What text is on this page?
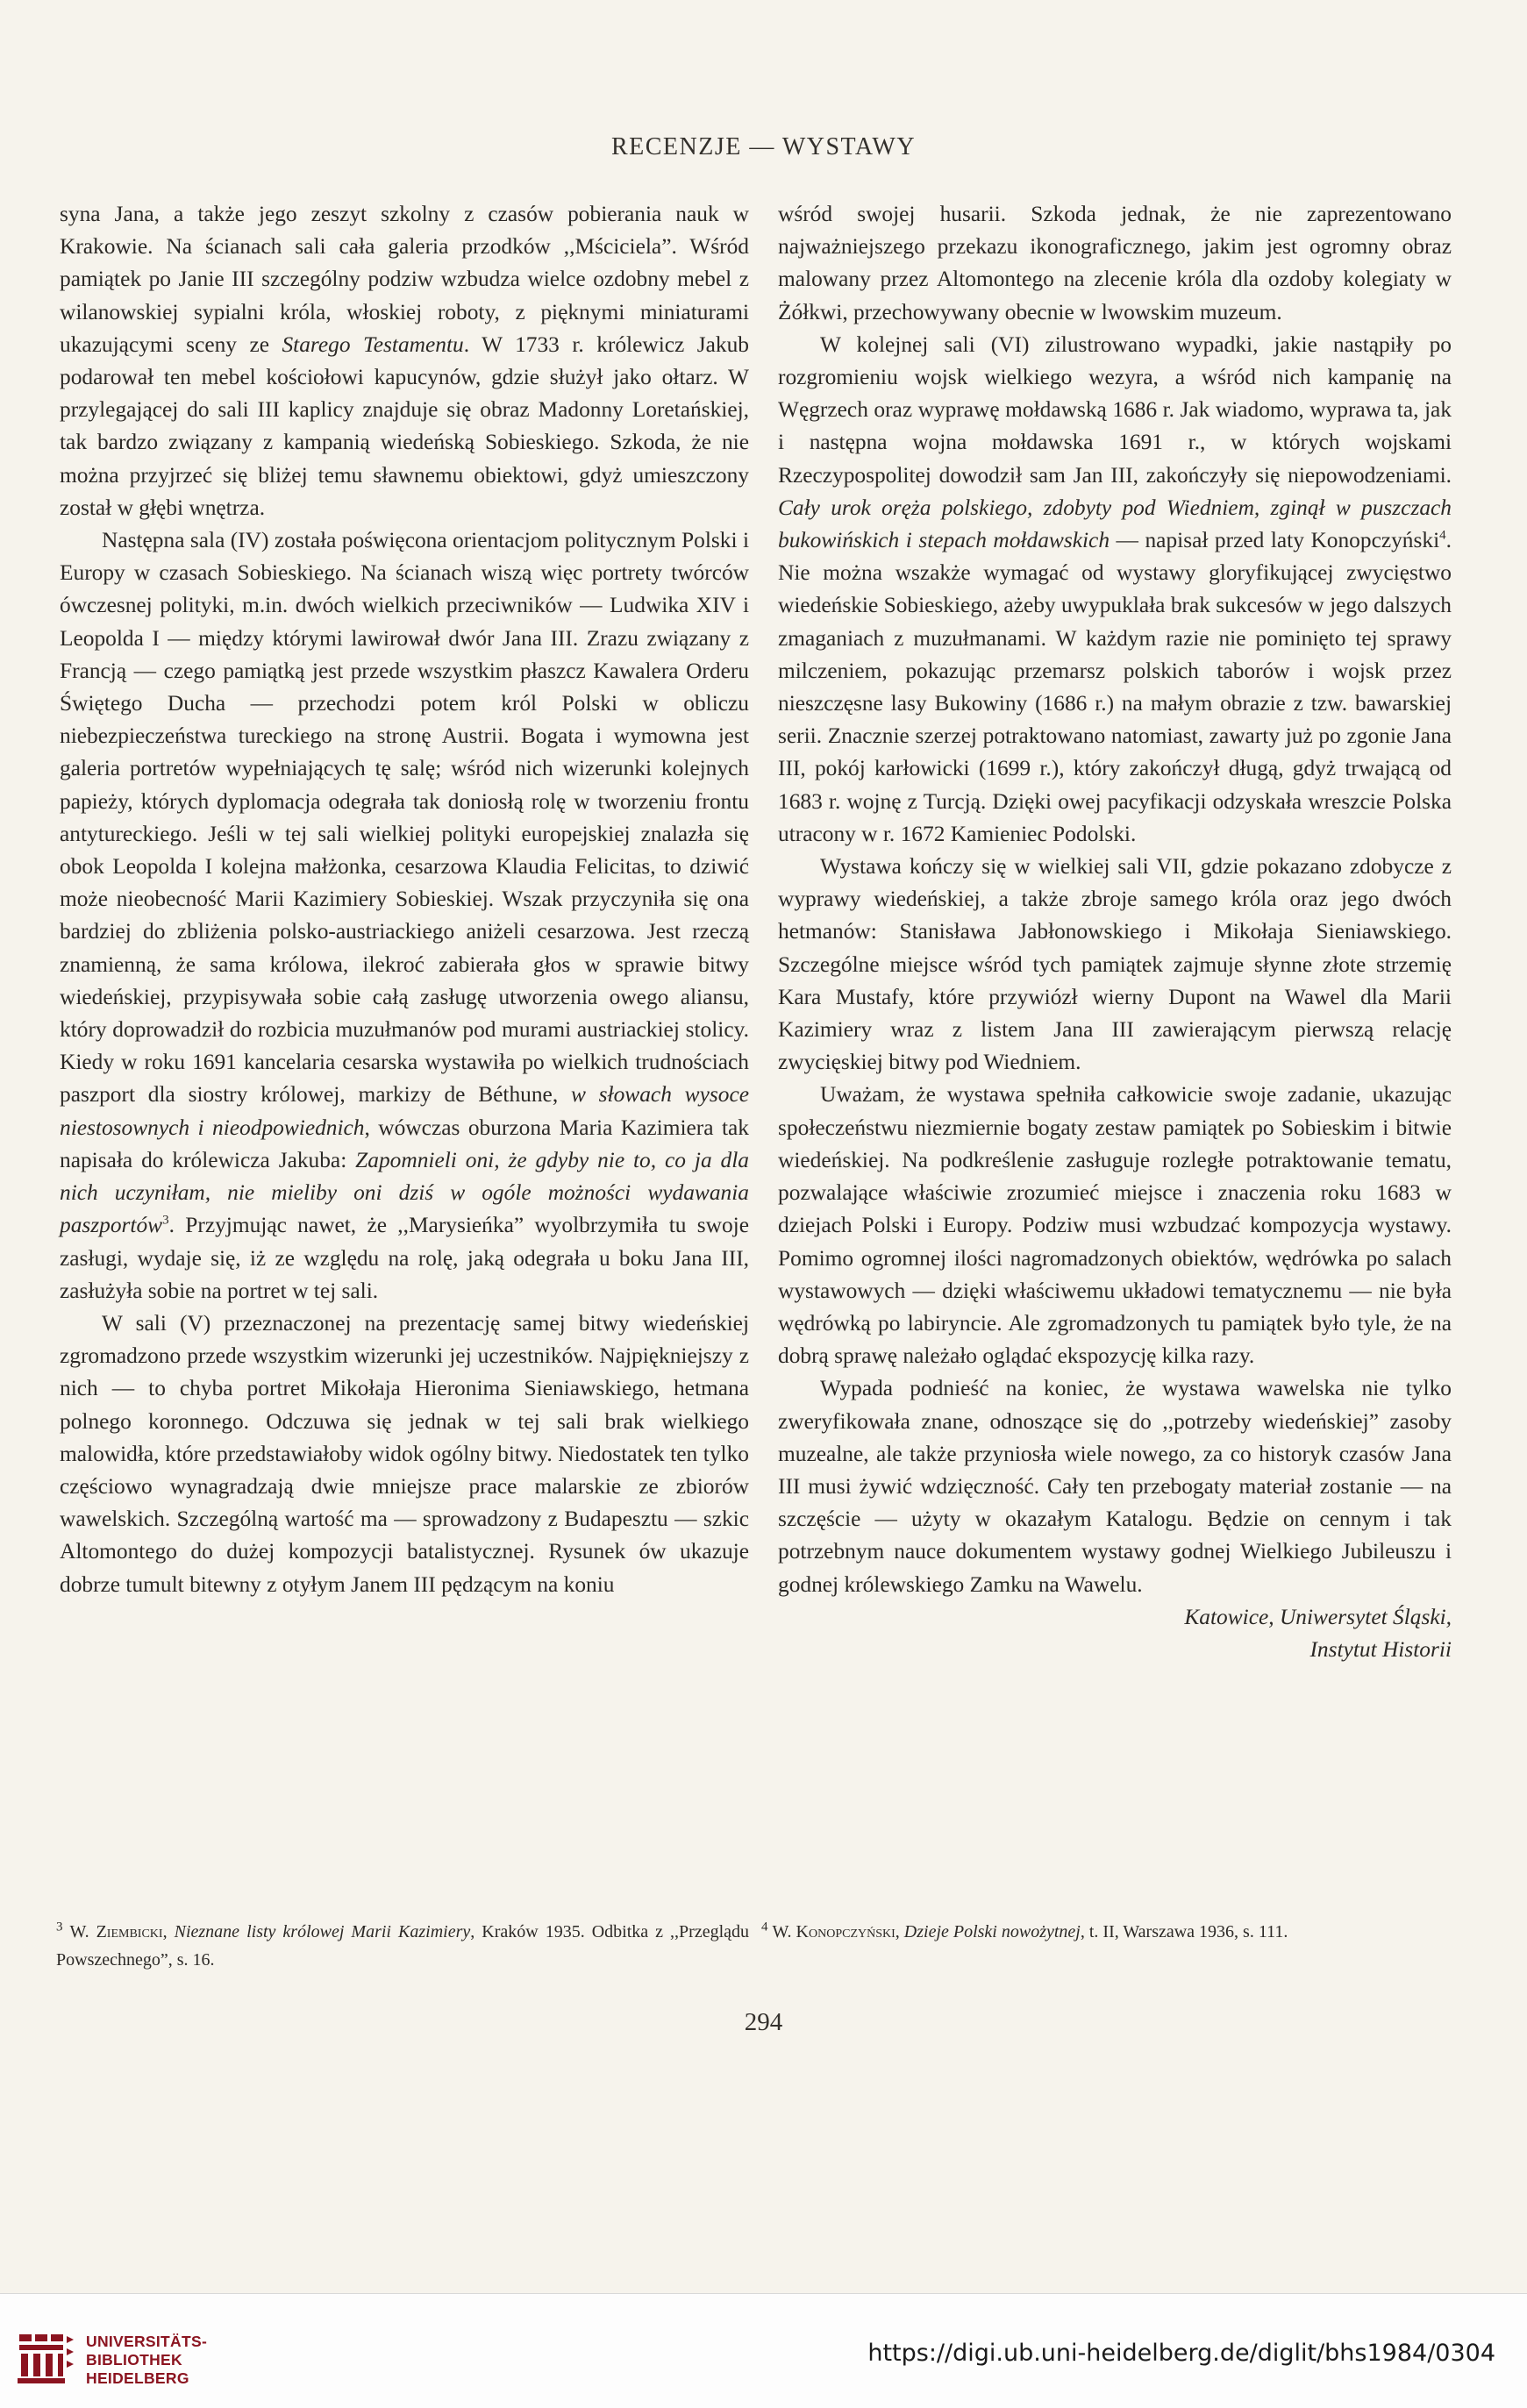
RECENZJE — WYSTAWY

syna Jana, a także jego zeszyt szkolny z czasów pobierania nauk w Krakowie. Na ścianach sali cała galeria przodków ,,Mściciela”. Wśród pamiątek po Janie III szczególny podziw wzbudza wielce ozdobny mebel z wilanowskiej sypialni króla, włoskiej roboty, z pięknymi miniaturami ukazującymi sceny ze Starego Testamentu. W 1733 r. królewicz Jakub podarował ten mebel kościołowi kapucynów, gdzie służył jako ołtarz. W przylegającej do sali III kaplicy znajduje się obraz Madonny Loretańskiej, tak bardzo związany z kampanią wiedeńską Sobieskiego. Szkoda, że nie można przyjrzeć się bliżej temu sławnemu obiektowi, gdyż umieszczony został w głębi wnętrza.

Następna sala (IV) została poświęcona orientacjom politycznym Polski i Europy w czasach Sobieskiego. Na ścianach wiszą więc portrety twórców ówczesnej polityki, m.in. dwóch wielkich przeciwników — Ludwika XIV i Leopolda I — między którymi lawirował dwór Jana III. Zrazu związany z Francją — czego pamiątką jest przede wszystkim płaszcz Kawalera Orderu Świętego Ducha — przechodzi potem król Polski w obliczu niebezpieczeństwa tureckiego na stronę Austrii. Bogata i wymowna jest galeria portretów wypełniających tę salę; wśród nich wizerunki kolejnych papieży, których dyplomacja odegrała tak doniosłą rolę w tworzeniu frontu antytureckiego. Jeśli w tej sali wielkiej polityki europejskiej znalazła się obok Leopolda I kolejna małżonka, cesarzowa Klaudia Felicitas, to dziwić może nieobecność Marii Kazimiery Sobieskiej. Wszak przyczyniła się ona bardziej do zbliżenia polsko-austriackiego aniżeli cesarzowa. Jest rzeczą znamienną, że sama królowa, ilekroć zabierała głos w sprawie bitwy wiedeńskiej, przypisywała sobie całą zasługę utworzenia owego aliansu, który doprowadził do rozbicia muzułmanów pod murami austriackiej stolicy. Kiedy w roku 1691 kancelaria cesarska wystawiła po wielkich trudnościach paszport dla siostry królowej, markizy de Béthune, w słowach wysoce niestosownych i nieodpowiednich, wówczas oburzona Maria Kazimiera tak napisała do królewicza Jakuba: Zapomnieli oni, że gdyby nie to, co ja dla nich uczyniłam, nie mieliby oni dziś w ogóle możności wydawania paszportów$^3$. Przyjmując nawet, że ,,Marysieńka” wyolbrzymiła tu swoje zasługi, wydaje się, iż ze względu na rolę, jaką odegrała u boku Jana III, zasłużyła sobie na portret w tej sali.

W sali (V) przeznaczonej na prezentację samej bitwy wiedeńskiej zgromadzono przede wszystkim wizerunki jej uczestników. Najpiękniejszy z nich — to chyba portret Mikołaja Hieronima Sieniawskiego, hetmana polnego koronnego. Odczuwa się jednak w tej sali brak wielkiego malowidła, które przedstawiałoby widok ogólny bitwy. Niedostatek ten tylko częściowo wynagradzają dwie mniejsze prace malarskie ze zbiorów wawelskich. Szczególną wartość ma — sprowadzony z Budapesztu — szkic Altomontego do dużej kompozycji batalistycznej. Rysunek ów ukazuje dobrze tumult bitewny z otyłym Janem III pędzącym na koniu

wśród swojej husarii. Szkoda jednak, że nie zaprezentowano najważniejszego przekazu ikonograficznego, jakim jest ogromny obraz malowany przez Altomontego na zlecenie króla dla ozdoby kolegiaty w Żółkwi, przechowywany obecnie w lwowskim muzeum.

W kolejnej sali (VI) zilustrowano wypadki, jakie nastąpiły po rozgromieniu wojsk wielkiego wezyra, a wśród nich kampanię na Węgrzech oraz wyprawę mołdawską 1686 r. Jak wiadomo, wyprawa ta, jak i następna wojna mołdawska 1691 r., w których wojskami Rzeczypospolitej dowodził sam Jan III, zakończyły się niepowodzeniami. Cały urok oręża polskiego, zdobyty pod Wiedniem, zginął w puszczach bukowińskich i stepach mołdawskich — napisał przed laty Konopczyński$^4$. Nie można wszakże wymagać od wystawy gloryfikującej zwycięstwo wiedeńskie Sobieskiego, ażeby uwypuklała brak sukcesów w jego dalszych zmaganiach z muzułmanami. W każdym razie nie pominięto tej sprawy milczeniem, pokazując przemarsz polskich taborów i wojsk przez nieszczęsne lasy Bukowiny (1686 r.) na małym obrazie z tzw. bawarskiej serii. Znacznie szerzej potraktowano natomiast, zawarty już po zgonie Jana III, pokój karłowicki (1699 r.), który zakończył długą, gdyż trwającą od 1683 r. wojnę z Turcją. Dzięki owej pacyfikacji odzyskała wreszcie Polska utracony w r. 1672 Kamieniec Podolski.

Wystawa kończy się w wielkiej sali VII, gdzie pokazano zdobycze z wyprawy wiedeńskiej, a także zbroje samego króla oraz jego dwóch hetmanów: Stanisława Jabłonowskiego i Mikołaja Sieniawskiego. Szczególne miejsce wśród tych pamiątek zajmuje słynne złote strzemię Kara Mustafy, które przywiózł wierny Dupont na Wawel dla Marii Kazimiery wraz z listem Jana III zawierającym pierwszą relację zwycięskiej bitwy pod Wiedniem.

Uważam, że wystawa spełniła całkowicie swoje zadanie, ukazując społeczeństwu niezmiernie bogaty zestaw pamiątek po Sobieskim i bitwie wiedeńskiej. Na podkreślenie zasługuje rozległe potraktowanie tematu, pozwalające właściwie zrozumieć miejsce i znaczenia roku 1683 w dziejach Polski i Europy. Podziw musi wzbudzać kompozycja wystawy. Pomimo ogromnej ilości nagromadzonych obiektów, wędrówka po salach wystawowych — dzięki właściwemu układowi tematycznemu — nie była wędrówką po labiryncie. Ale zgromadzonych tu pamiątek było tyle, że na dobrą sprawę należało oglądać ekspozycję kilka razy.

Wypada podnieść na koniec, że wystawa wawelska nie tylko zweryfikowała znane, odnoszące się do ,,potrzeby wiedeńskiej” zasoby muzealne, ale także przyniosła wiele nowego, za co historyk czasów Jana III musi żywić wdzięczność. Cały ten przebogaty materiał zostanie — na szczęście — użyty w okazałym Katalogu. Będzie on cennym i tak potrzebnym nauce dokumentem wystawy godnej Wielkiego Jubileuszu i godnej królewskiego Zamku na Wawelu.

Katowice, Uniwersytet Śląski,

Instytut Historii

$^3$ W. Ziembicki, Nieznane listy królowej Marii Kazimiery, Kraków 1935. Odbitka z ,,Przeglądu Powszechnego”, s. 16.

$^4$ W. Konopczyński, Dzieje Polski nowożytnej, t. II, Warszawa 1936, s. 111.

294
UNIVERSITÄTS-
BIBLIOTHEK
HEIDELBERG
https://digi.ub.uni-heidelberg.de/diglit/bhs1984/0304
